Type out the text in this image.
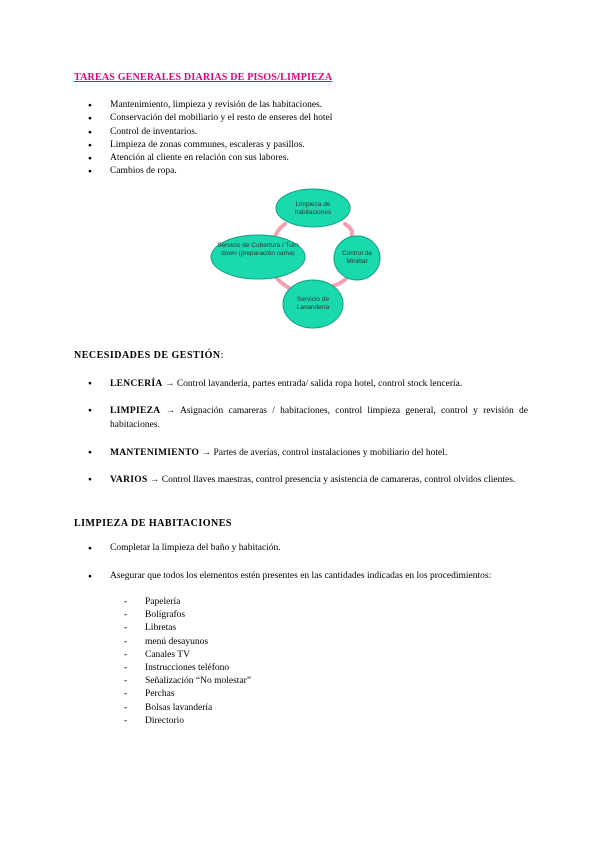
TAREAS GENERALES DIARIAS DE PISOS/LIMPIEZA
● Mantenimiento, limpieza y revisión de las habitaciones.
● Conservación del mobiliario y el resto de enseres del hotel
● Control de inventarios.
● Limpieza de zonas communes, escaleras y pasillos.
● Atención al cliente en relación con sus labores.
● Cambios de ropa.
Limpieza de habitaciones
Control de Minibar
Servicio de Lavandería
Servicio de Cobertura / Turn down (preparación cama)
NECESIDADES DE GESTIÓN:
● LENCERÍA → Control lavandería, partes entrada/ salida ropa hotel, control stock lencería.
● LIMPIEZA → Asignación camareras / habitaciones, control limpieza general, control y revisión de habitaciones.
● MANTENIMIENTO → Partes de averías, control instalaciones y mobiliario del hotel.
● VARIOS → Control llaves maestras, control presencia y asistencia de camareras, control olvidos clientes.
LIMPIEZA DE HABITACIONES
● Completar la limpieza del baño y habitación.
● Asegurar que todos los elementos estén presentes en las cantidades indicadas en los procedimientos:
- Papelería
- Bolígrafos
- Libretas
- menú desayunos
- Canales TV
- Instrucciones teléfono
- Señalización “No molestar”
- Perchas
- Bolsas lavandería
- Directorio
